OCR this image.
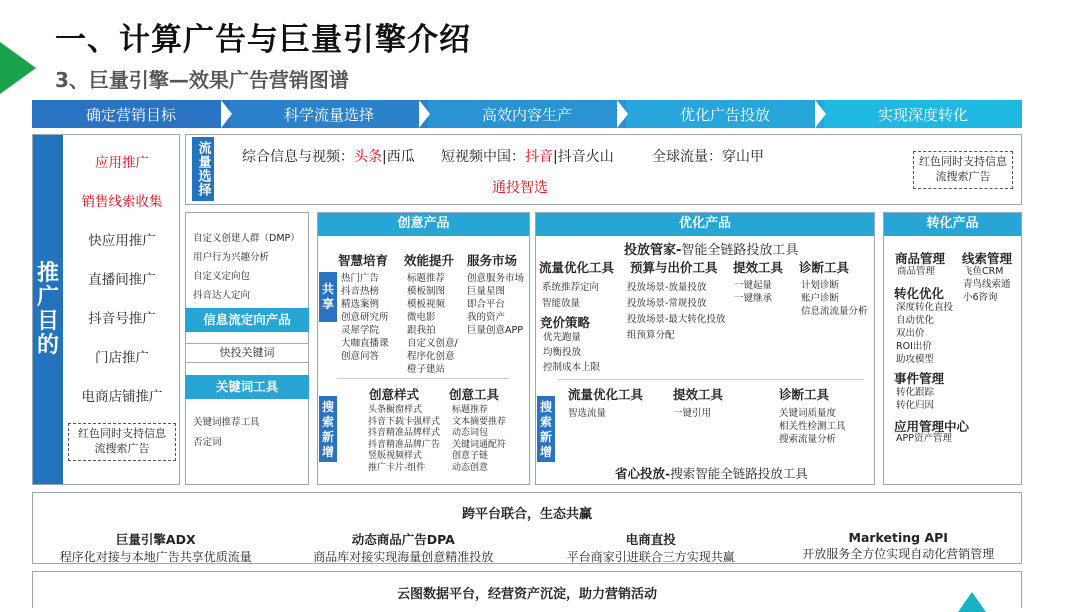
一、计算广告与巨量引擎介绍
3、巨量引擎—效果广告营销图谱
确定营销目标	科学流量选择	高效内容生产	优化广告投放	实现深度转化
推
广
目
的
应用推广
销售线索收集
快应用推广
直播间推广
抖音号推广
门店推广
电商店铺推广
红色同时支持信息流搜索广告
流量选择 综合信息与视频：头条|西瓜 短视频中国：抖音|抖音火山	全球流量：穿山甲
通投智选
红色同时支持信息流搜索广告
自定义创建人群（DMP）
用户行为兴趣分析
自定义定向包
抖音达人定向
信息流定向产品
快投关键词
关键词工具
关键词推荐工具
否定词
创意产品
共
享
搜
索
新
增
智慧培育
热门广告
抖音热榜
精选案例
创意研究所
灵犀学院
大咖直播课
创意问答
效能提升
标题推荐
模板制图
模板视频
微电影
跟我拍
自定义创意/程序化创意
橙子建站
服务市场
创意服务市场
巨量星图
即合平台
我的资产
巨量创意APP
创意样式
头条橱窗样式
抖音下载卡强样式
抖音精准品牌样式
抖音精准品牌广告
竖版视频样式
推广卡片-组件
创意工具
标题推荐
文本摘要推荐
动态词包
关键词通配符
创意子链
动态创意
优化产品
投放管家-智能全链路投放工具
流量优化工具
系统推荐定向
智能放量
竞价策略
优先跑量
均衡投放
控制成本上限
预算与出价工具
投放场景-放量投放
投放场景-常规投放
投放场景-最大转化投放
组预算分配
提效工具
一键起量
一键继承
诊断工具
计划诊断
账户诊断
信息流流量分析
搜
索
新
增
流量优化工具
智选流量
提效工具
一键引用
诊断工具
关键词质量度
相关性检测工具
搜索流量分析
省心投放-搜索智能全链路投放工具
转化产品
商品管理
商品管理
线索管理
飞鱼CRM
青鸟线索通
小6咨询
转化优化
深度转化直投
自动优化
双出价
ROI出价
助攻模型
事件管理
转化跟踪
转化归因
应用管理中心
APP资产管理
跨平台联合，生态共赢
巨量引擎ADX
程序化对接与本地广告共享优质流量
动态商品广告DPA
商品库对接实现海量创意精准投放
电商直投
平台商家引进联合三方实现共赢
Marketing API
开放服务全方位实现自动化营销管理
云图数据平台，经营资产沉淀，助力营销活动
